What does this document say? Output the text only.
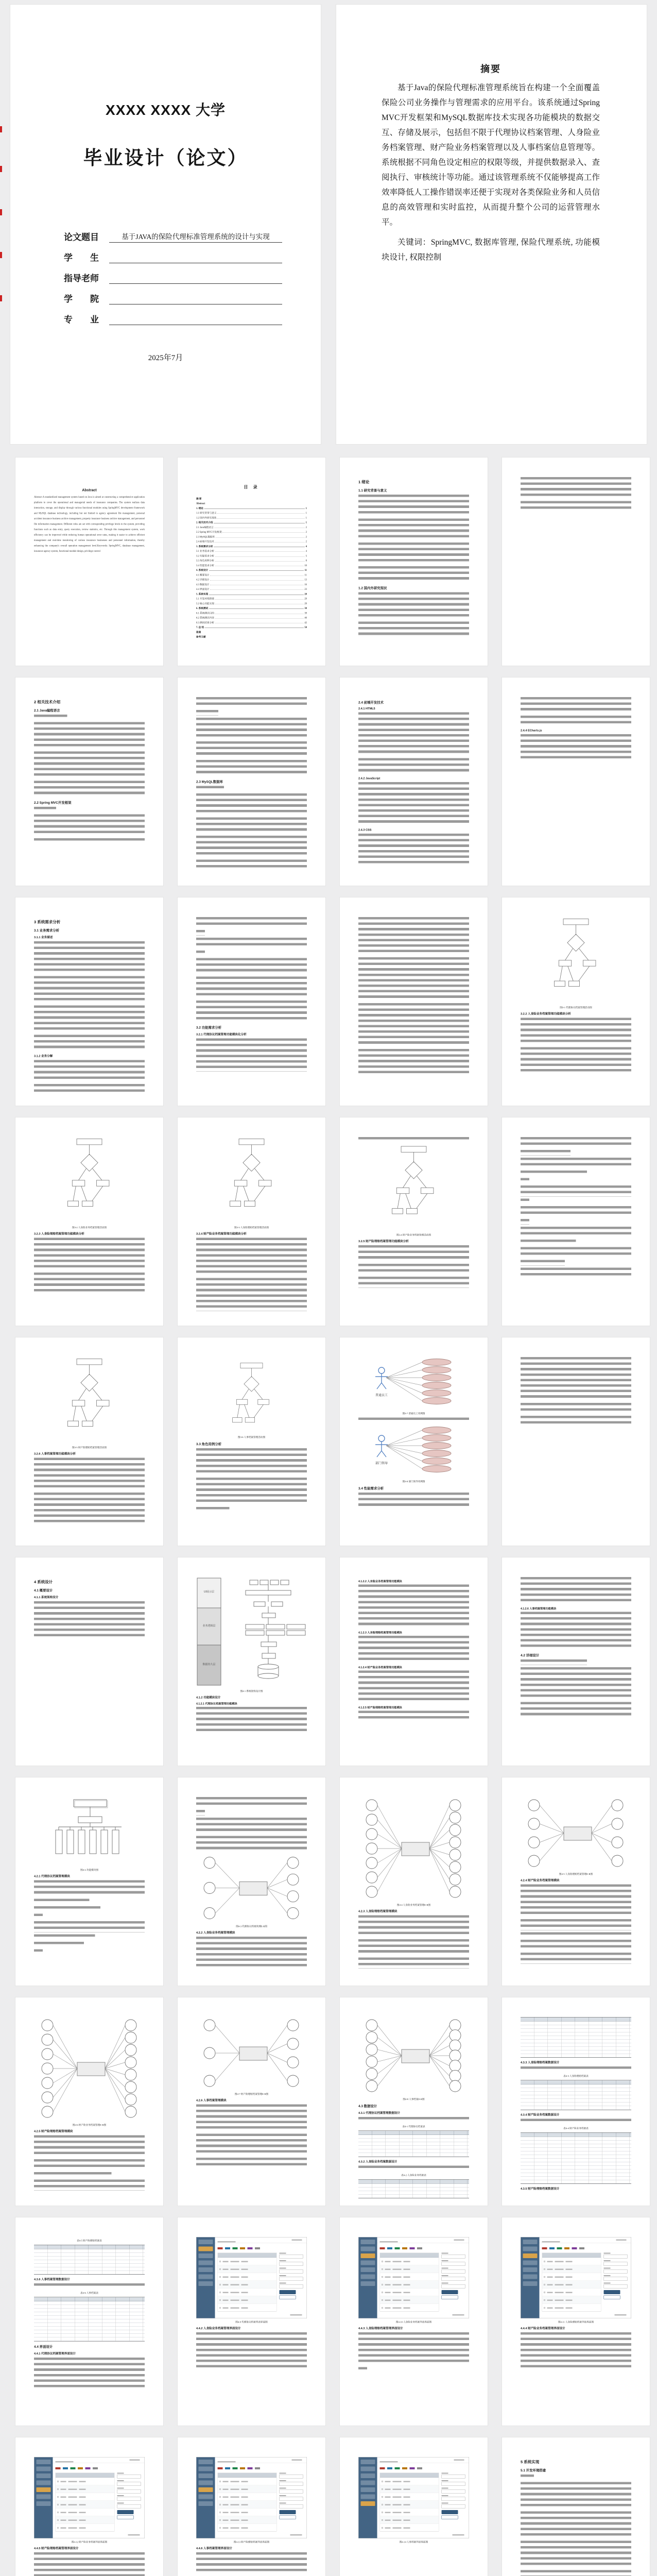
XXXX XXXX 大学
毕业设计（论文）
论文题目	基于JAVA的保险代理标准管理系统的设计与实现
学　　生
指导老师
学　　院
专　　业
2025年7月
摘要

基于Java的保险代理标准管理系统旨在构建一个全面覆盖保险公司业务操作与管理需求的应用平台。该系统通过Spring MVC开发框架和MySQL数据库技术实现各功能模块的数据交互、存储及展示，包括但不限于代理协议档案管理、人身险业务档案管理、财产险业务档案管理以及人事档案信息管理等。系统根据不同角色设定相应的权限等级，并提供数据录入、查阅执行、审核统计等功能。通过该管理系统不仅能够提高工作效率降低人工操作错误率还便于实现对各类保险业务和人员信息的高效管理和实时监控，从而提升整个公司的运营管理水平。

关键词：SpringMVC, 数据库管理, 保险代理系统, 功能模块设计, 权限控制

Abstract
Abstract A standardized management system based on Java is aimed at constructing a comprehensive application platform to cover the operational and managerial needs of insurance companies. The system realizes data interaction, storage, and display through various functional modules using SpringMVC development framework and MySQL database technology, including but not limited to agency agreement file management, personal accident insurance business archive management, property insurance business archive management, and personnel file information management. Different roles are set with corresponding privilege levels in the system, providing functions such as data entry, query execution, review statistics, etc. Through this management system, work efficiency can be improved while reducing human operational error rates, making it easier to achieve efficient management and real-time monitoring of various insurance businesses and personnel information, thereby enhancing the company's overall operation management level.Keywords: SpringMVC, database management, insurance agency system, functional module design, privilege control
目 录
摘 要
Abstract
1. 绪论	1
1.1 研究背景与意义	1
1.2 国内外研究现状	1
2. 相关技术介绍	1
2.1 Java编程语言	2
2.2 Spring MVC开发框架	2
2.3 MySQL数据库	2
2.4 前端开发技术	2
3. 系统需求分析	4
3.1 业务需求分析	4
3.2 功能需求分析	5
3.3 角色用例分析	8
3.4 性能需求分析	10
4. 系统设计	11
4.1 概要设计	11
4.2 详细设计	13
4.3 数据设计	16
4.4 界面设计	23
5. 系统实现	28
5.1 开发环境搭建	29
5.2 核心功能实现	29
6. 系统测试	38
6.1 系统测试目的	39
6.2 系统测试内容	40
6.3 测试结果分析	42
7. 总 结	50
致谢
参考文献
1 绪论
1.1 研究背景与意义
1.2 国内外研究现状
2 相关技术介绍
2.1 Java编程语言
2.2 Spring MVC开发框架
2.3 MySQL数据库
2.4 前端开发技术
2.4.1 HTML5
2.4.2 JavaScript
2.4.3 CSS
2.4.4 ECharts.js
3 系统需求分析
3.1 业务需求分析
3.1.1 业务描述
3.1.2 业务分解
3.2 功能需求分析
3.2.1 代理协议档案管理功能模块化分析
图3-1 代理协议档案管理活动图
3.2.2 人身险业务档案管理功能模块分析
图3-2 人身险业务档案管理活动图
3.2.3 人身险理赔档案管理功能模块分析
图3-3 人身险理赔档案管理活动图
3.2.4 财产险业务档案管理功能模块分析	图3-4 财产险业务档案管理活动图
3.2.5 财产险理赔档案管理功能模块分析
图3-5 财产险理赔档案管理活动图
3.2.6 人事档案管理功能模块分析
图3-6 人事档案管理活动图
3.3 角色用例分析
普通员工
图3-7 普通员工用例图
部门领导
图3-8 部门领导用例图
3.4 性能需求分析
4 系统设计
4.1 概要设计
4.1.1 系统架构设计
UI展示层
业务逻辑层
数据持久层
图4-1 系统架构设计图
4.1.2 功能模块设计
4.1.2.1 代理协议档案管理功能模块
4.1.2.2 人身险业务档案管理功能模块
4.1.2.3 人身险理赔档案管理功能模块
4.1.2.4 财产险业务档案管理功能模块
4.1.2.5 财产险理赔档案管理功能模块
4.1.2.6 人事档案管理功能模块
4.2 详细设计
图4-2 功能模块图
4.2.1 代理协议档案管理模块
图4-3 代理协议档案管理E-R图
4.2.2 人身险业务档案管理模块
图4-4 人身险业务档案管理E-R图
4.2.3 人身险理赔档案管理模块
图4-5 人身险理赔档案管理E-R图
4.2.4 财产险业务档案管理模块
图4-6 财产险业务档案管理E-R图
4.2.5 财产险理赔档案管理模块
图4-7 财产险理赔档案管理E-R图
4.2.6 人事档案管理模块	图4-8 人事档案E-R图
4.3 数据设计
4.3.1 代理协议档案管理数据设计
表4-1 代理协议档案表
4.3.2 人身险业务档案数据设计
表4-2 人身险业务档案表
4.3.3 人身险理赔档案数据设计
表4-3 人身险理赔档案表
4.3.4 财产险业务档案数据设计
表4-4 财产险业务档案表
4.3.5 财产险理赔档案数据设计
表4-5 财产险理赔档案表
4.3.6 人事档案管理数据设计
表4-6 人事档案表
4.4 界面设计
4.4.1 代理协议档案管理界面设计
图4-9 代理协议档案列表界面图
4.4.2 人身险业务档案管理界面设计
图4-10 人身险业务档案列表界面图
4.4.3 人身险理赔档案管理界面设计
图4-11 人身险理赔档案列表界面图
4.4.4 财产险业务档案管理界面设计
图4-12 财产险业务档案列表界面图
4.4.5 财产险理赔档案管理界面设计
图4-13 财产险理赔档案列表界面图
4.4.6 人事档案管理界面设计
图4-14 人事档案列表界面图
5 系统实现
5.1 开发环境搭建
